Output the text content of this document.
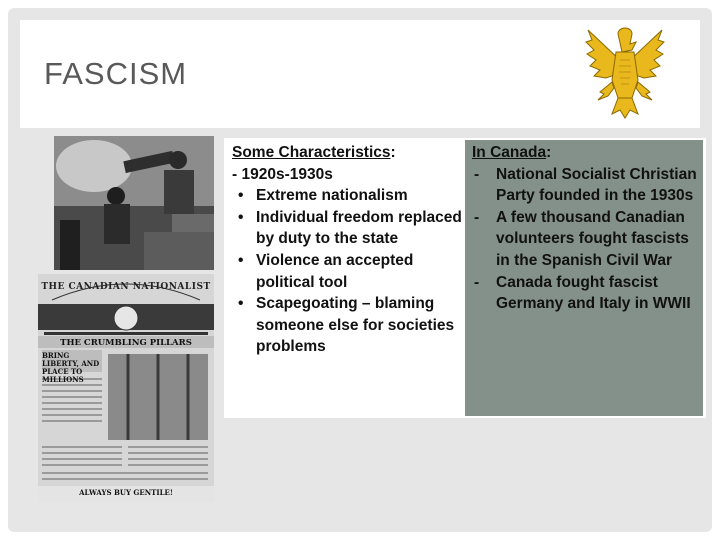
FASCISM
THE CANADIAN NATIONALIST
THE CRUMBLING PILLARS
BRING LIBERTY, AND PLACE TO MILLIONS
ALWAYS BUY GENTILE!
Some Characteristics:
- 1920s-1930s
• Extreme nationalism
• Individual freedom replaced by duty to the state
• Violence an accepted political tool
• Scapegoating – blaming someone else for societies problems
In Canada:
- National Socialist Christian Party founded in the 1930s
- A few thousand Canadian volunteers fought fascists in the Spanish Civil War
- Canada fought fascist Germany and Italy in WWII
